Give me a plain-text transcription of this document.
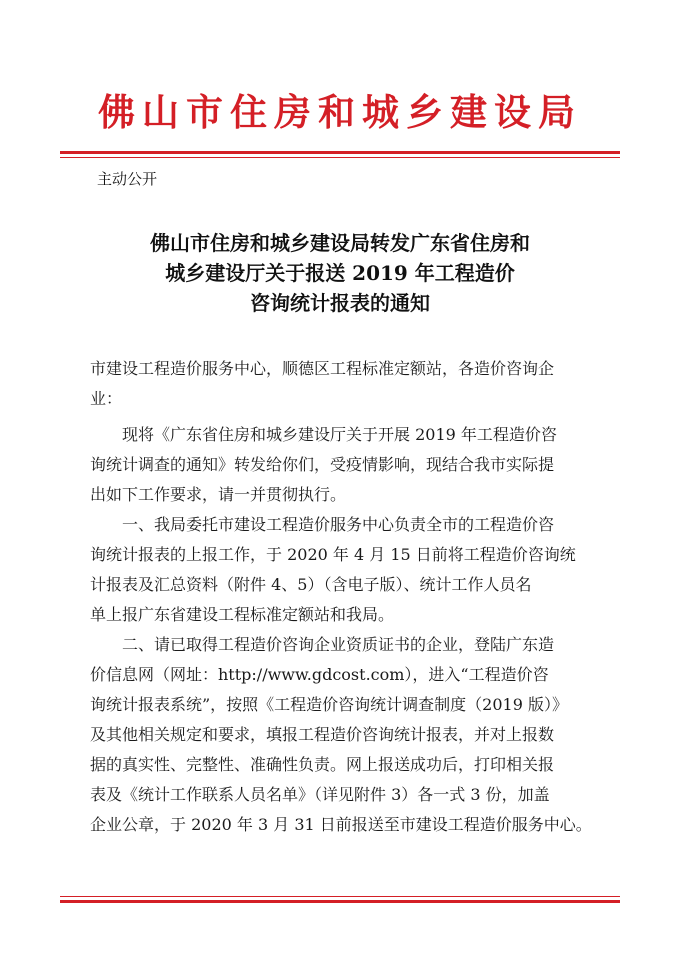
佛山市住房和城乡建设局
主动公开
佛山市住房和城乡建设局转发广东省住房和
城乡建设厅关于报送 2019 年工程造价
咨询统计报表的通知
市建设工程造价服务中心，顺德区工程标准定额站，各造价咨询企
业：
　　现将《广东省住房和城乡建设厅关于开展 2019 年工程造价咨
询统计调查的通知》转发给你们，受疫情影响，现结合我市实际提
出如下工作要求，请一并贯彻执行。
　　一、我局委托市建设工程造价服务中心负责全市的工程造价咨
询统计报表的上报工作，于 2020 年 4 月 15 日前将工程造价咨询统
计报表及汇总资料（附件 4、5）（含电子版）、统计工作人员名
单上报广东省建设工程标准定额站和我局。
　　二、请已取得工程造价咨询企业资质证书的企业，登陆广东造
价信息网（网址：http://www.gdcost.com），进入“工程造价咨
询统计报表系统”，按照《工程造价咨询统计调查制度（2019 版）》
及其他相关规定和要求，填报工程造价咨询统计报表，并对上报数
据的真实性、完整性、准确性负责。网上报送成功后，打印相关报
表及《统计工作联系人员名单》（详见附件 3）各一式 3 份，加盖
企业公章，于 2020 年 3 月 31 日前报送至市建设工程造价服务中心。
